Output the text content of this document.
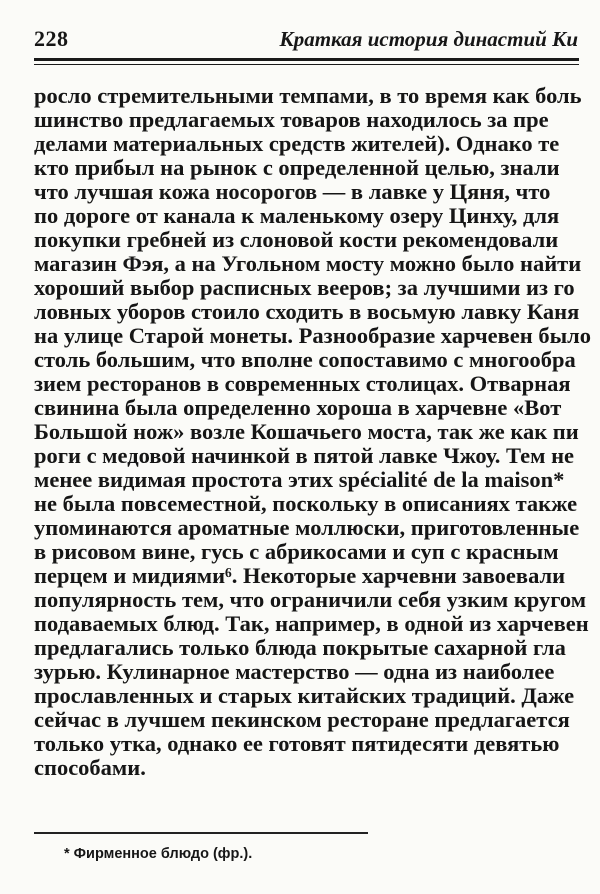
228	Краткая история династий Ки
росло стремительными темпами, в то время как боль
шинство предлагаемых товаров находилось за пре
делами материальных средств жителей). Однако те
кто прибыл на рынок с определенной целью, знали
что лучшая кожа носорогов — в лавке у Цяня, что
по дороге от канала к маленькому озеру Цинху, для
покупки гребней из слоновой кости рекомендовали
магазин Фэя, а на Угольном мосту можно было найти
хороший выбор расписных вееров; за лучшими из го
ловных уборов стоило сходить в восьмую лавку Каня
на улице Старой монеты. Разнообразие харчевен было
столь большим, что вполне сопоставимо с многообра
зием ресторанов в современных столицах. Отварная
свинина была определенно хороша в харчевне «Вот
Большой нож» возле Кошачьего моста, так же как пи
роги с медовой начинкой в пятой лавке Чжоу. Тем не
менее видимая простота этих spécialité de la maison*
не была повсеместной, поскольку в описаниях также
упоминаются ароматные моллюски, приготовленные
в рисовом вине, гусь с абрикосами и суп с красным
перцем и мидиями⁶. Некоторые харчевни завоевали
популярность тем, что ограничили себя узким кругом
подаваемых блюд. Так, например, в одной из харчевен
предлагались только блюда покрытые сахарной гла
зурью. Кулинарное мастерство — одна из наиболее
прославленных и старых китайских традиций. Даже
сейчас в лучшем пекинском ресторане предлагается
только утка, однако ее готовят пятидесяти девятью
способами.
* Фирменное блюдо (фр.).
